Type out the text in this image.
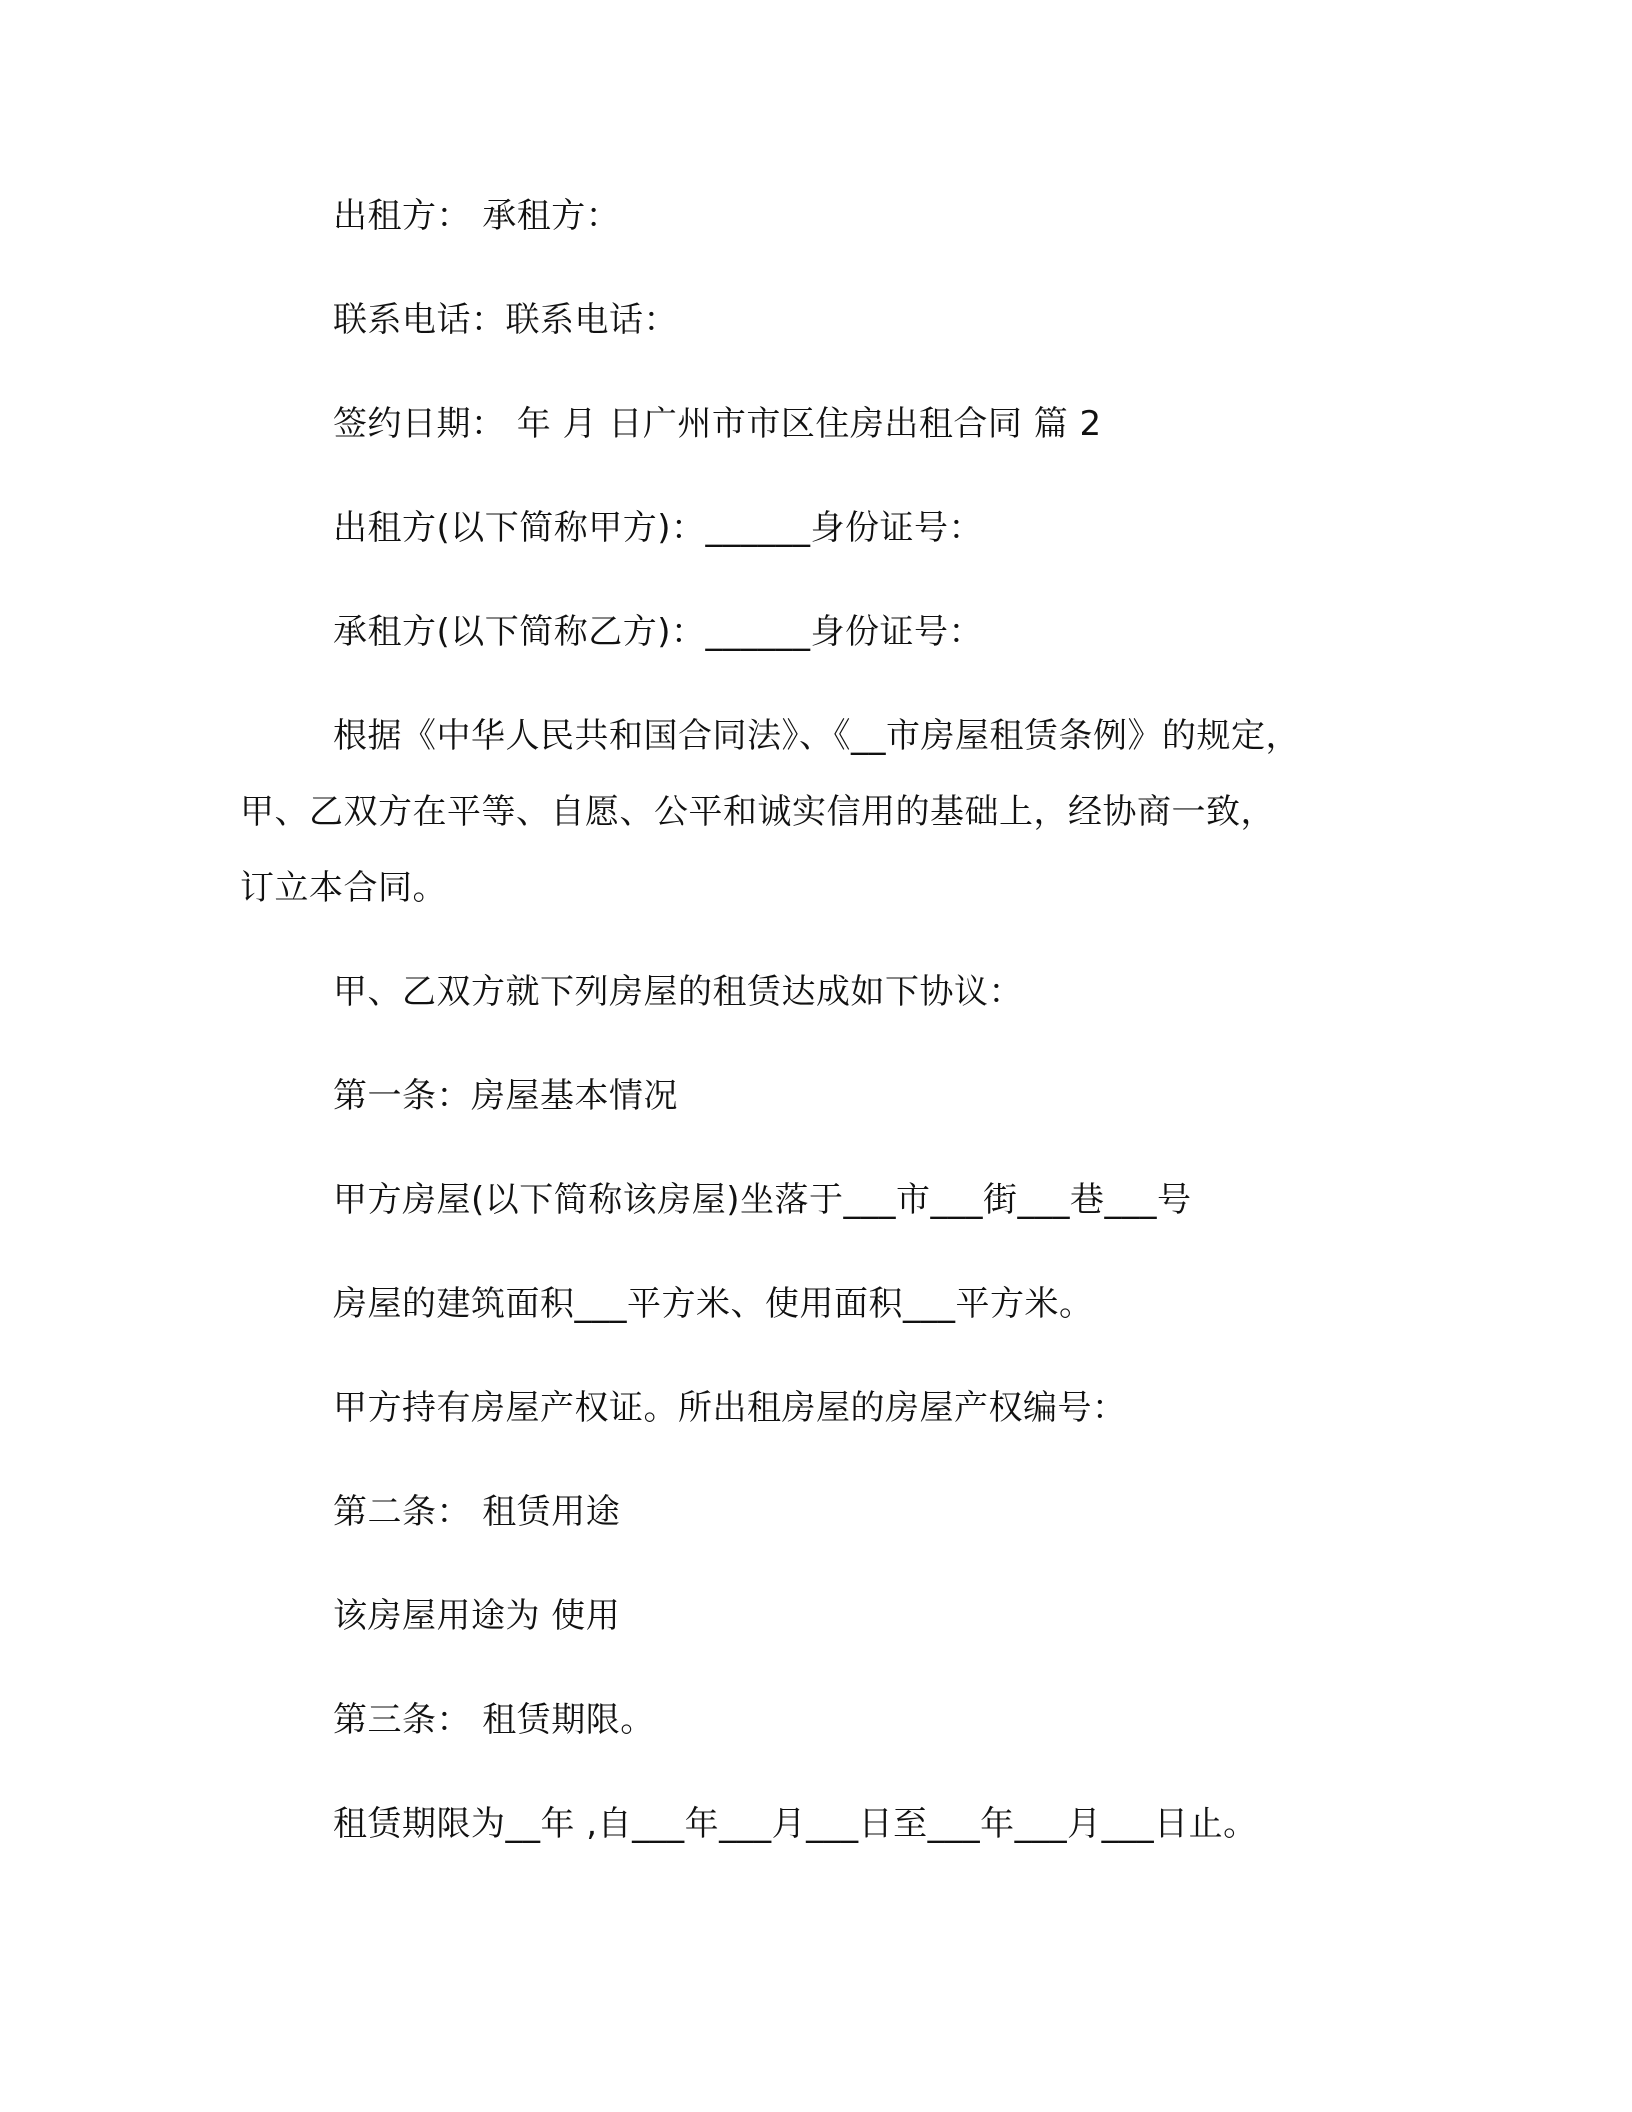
出租方： 承租方：
联系电话：联系电话：
签约日期： 年 月 日广州市市区住房出租合同 篇 2
出租方(以下简称甲方)：______身份证号：
承租方(以下简称乙方)：______身份证号：
根据《中华人民共和国合同法》、《__市房屋租赁条例》的规定，
甲、乙双方在平等、自愿、公平和诚实信用的基础上，经协商一致，
订立本合同。
甲、乙双方就下列房屋的租赁达成如下协议：
第一条：房屋基本情况
甲方房屋(以下简称该房屋)坐落于___市___街___巷___号
房屋的建筑面积___平方米、使用面积___平方米。
甲方持有房屋产权证。所出租房屋的房屋产权编号：
第二条： 租赁用途
该房屋用途为 使用
第三条： 租赁期限。
租赁期限为__年 ,自___年___月___日至___年___月___日止。
